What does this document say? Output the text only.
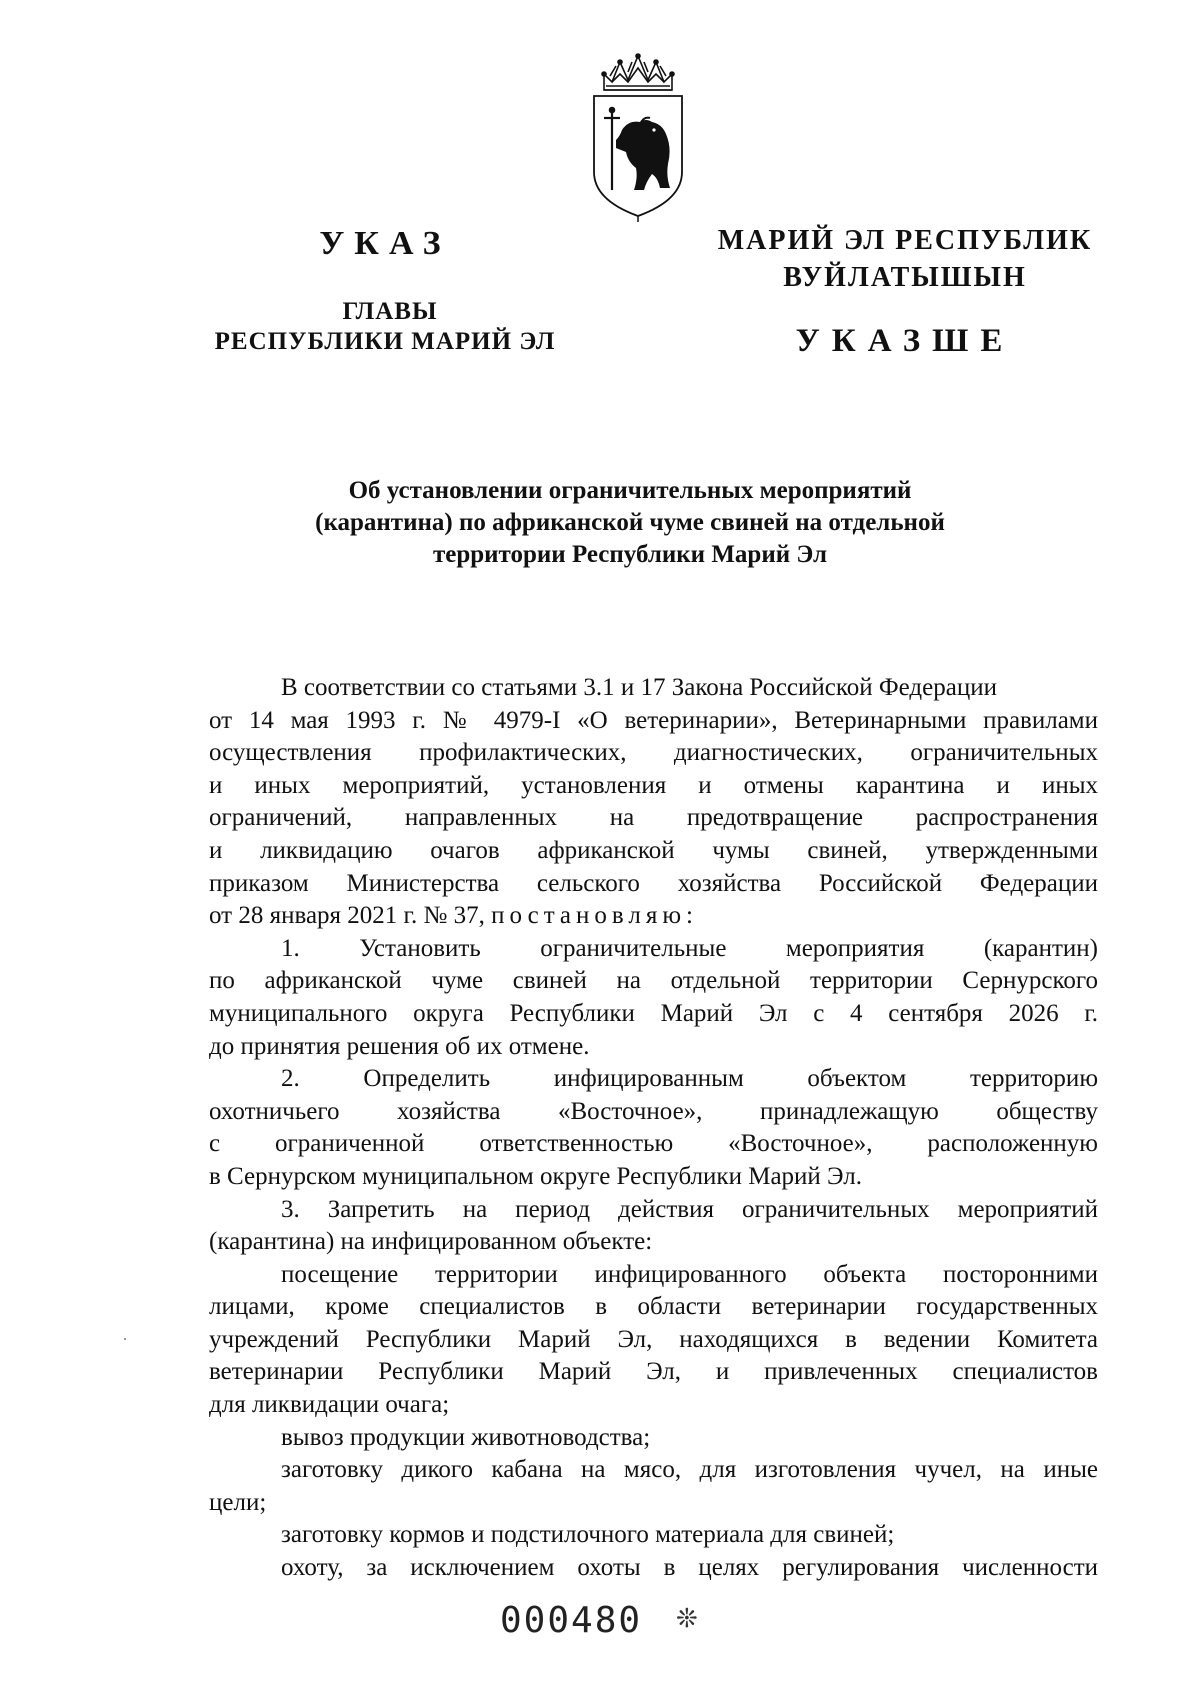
УКАЗ
ГЛАВЫ
РЕСПУБЛИКИ МАРИЙ ЭЛ
МАРИЙ ЭЛ РЕСПУБЛИК
ВУЙЛАТЫШЫН
УКАЗШЕ
Об установлении ограничительных мероприятий
(карантина) по африканской чуме свиней на отдельной
территории Республики Марий Эл
В соответствии со статьями 3.1 и 17 Закона Российской Федерации
от 14 мая 1993 г. № 4979-I «О ветеринарии», Ветеринарными правилами
осуществления профилактических, диагностических, ограничительных
и иных мероприятий, установления и отмены карантина и иных
ограничений, направленных на предотвращение распространения
и ликвидацию очагов африканской чумы свиней, утвержденными
приказом Министерства сельского хозяйства Российской Федерации
от 28 января 2021 г. № 37, постановляю:
1. Установить ограничительные мероприятия (карантин)
по африканской чуме свиней на отдельной территории Сернурского
муниципального округа Республики Марий Эл с 4 сентября 2026 г.
до принятия решения об их отмене.
2. Определить инфицированным объектом территорию
охотничьего хозяйства «Восточное», принадлежащую обществу
с ограниченной ответственностью «Восточное», расположенную
в Сернурском муниципальном округе Республики Марий Эл.
3. Запретить на период действия ограничительных мероприятий
(карантина) на инфицированном объекте:
посещение территории инфицированного объекта посторонними
лицами, кроме специалистов в области ветеринарии государственных
учреждений Республики Марий Эл, находящихся в ведении Комитета
ветеринарии Республики Марий Эл, и привлеченных специалистов
для ликвидации очага;
вывоз продукции животноводства;
заготовку дикого кабана на мясо, для изготовления чучел, на иные
цели;
заготовку кормов и подстилочного материала для свиней;
охоту, за исключением охоты в целях регулирования численности
000480 ❊
